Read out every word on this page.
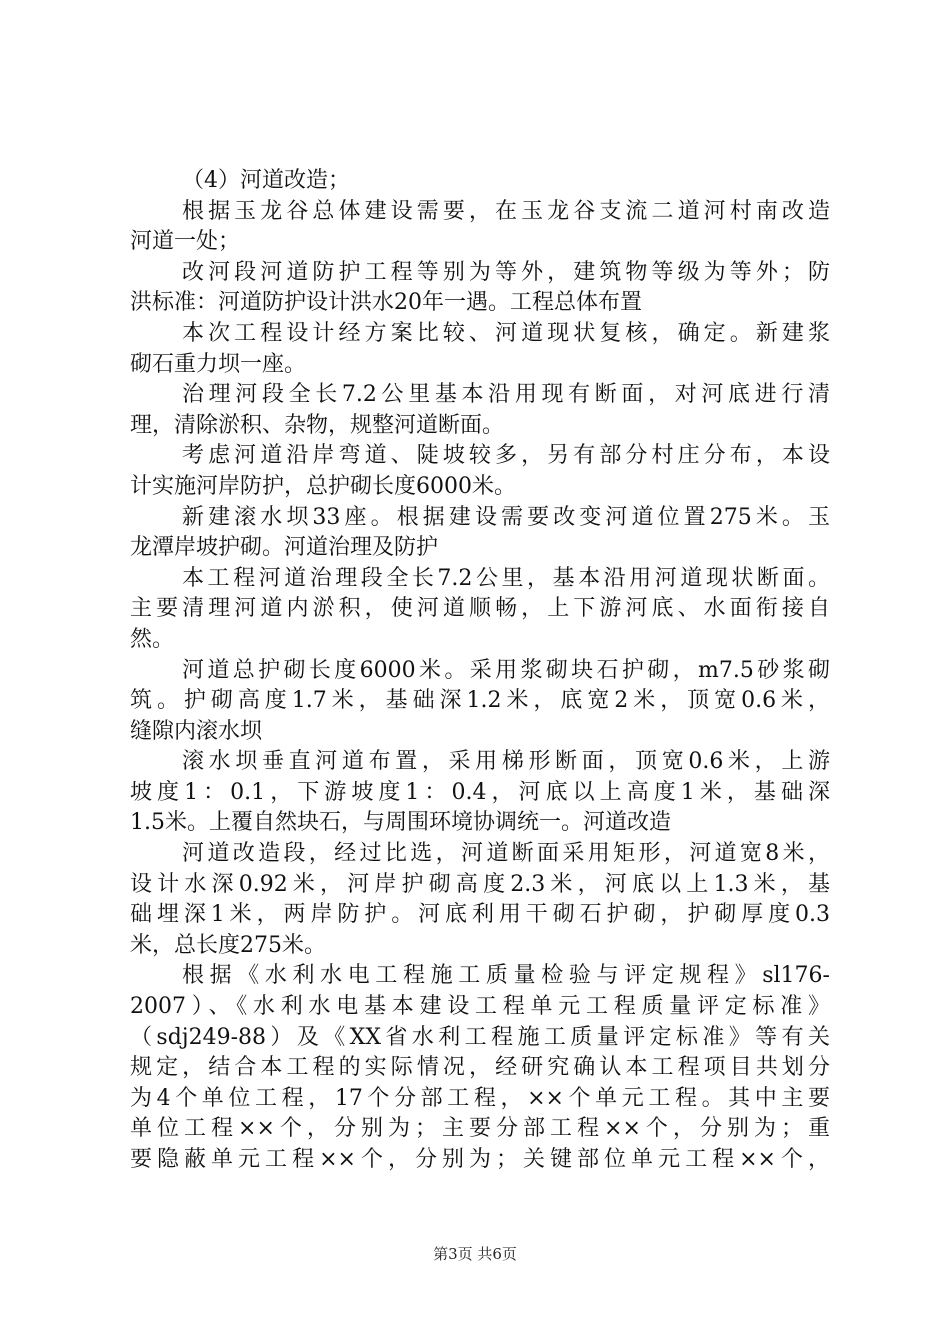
（4）河道改造；
根据玉龙谷总体建设需要，在玉龙谷支流二道河村南改造
河道一处；
改河段河道防护工程等别为等外，建筑物等级为等外；防
洪标准：河道防护设计洪水20年一遇。工程总体布置
本次工程设计经方案比较、河道现状复核，确定。新建浆
砌石重力坝一座。
治理河段全长7.2公里基本沿用现有断面，对河底进行清
理，清除淤积、杂物，规整河道断面。
考虑河道沿岸弯道、陡坡较多，另有部分村庄分布，本设
计实施河岸防护，总护砌长度6000米。
新建滚水坝33座。根据建设需要改变河道位置275米。玉
龙潭岸坡护砌。河道治理及防护
本工程河道治理段全长7.2公里，基本沿用河道现状断面。
主要清理河道内淤积，使河道顺畅，上下游河底、水面衔接自
然。
河道总护砌长度6000米。采用浆砌块石护砌，m7.5砂浆砌
筑。护砌高度1.7米，基础深1.2米，底宽2米，顶宽0.6米，
缝隙内滚水坝
滚水坝垂直河道布置，采用梯形断面，顶宽0.6米，上游
坡度1：0.1，下游坡度1：0.4，河底以上高度1米，基础深
1.5米。上覆自然块石，与周围环境协调统一。河道改造
河道改造段，经过比选，河道断面采用矩形，河道宽8米，
设计水深0.92米，河岸护砌高度2.3米，河底以上1.3米，基
础埋深1米，两岸防护。河底利用干砌石护砌，护砌厚度0.3
米，总长度275米。
根据《水利水电工程施工质量检验与评定规程》sl176-
2007）、《水利水电基本建设工程单元工程质量评定标准》
（sdj249-88）及《XX省水利工程施工质量评定标准》等有关
规定，结合本工程的实际情况，经研究确认本工程项目共划分
为4个单位工程，17个分部工程，××个单元工程。其中主要
单位工程××个，分别为；主要分部工程××个，分别为；重
要隐蔽单元工程××个，分别为；关键部位单元工程××个，
第3页 共6页
